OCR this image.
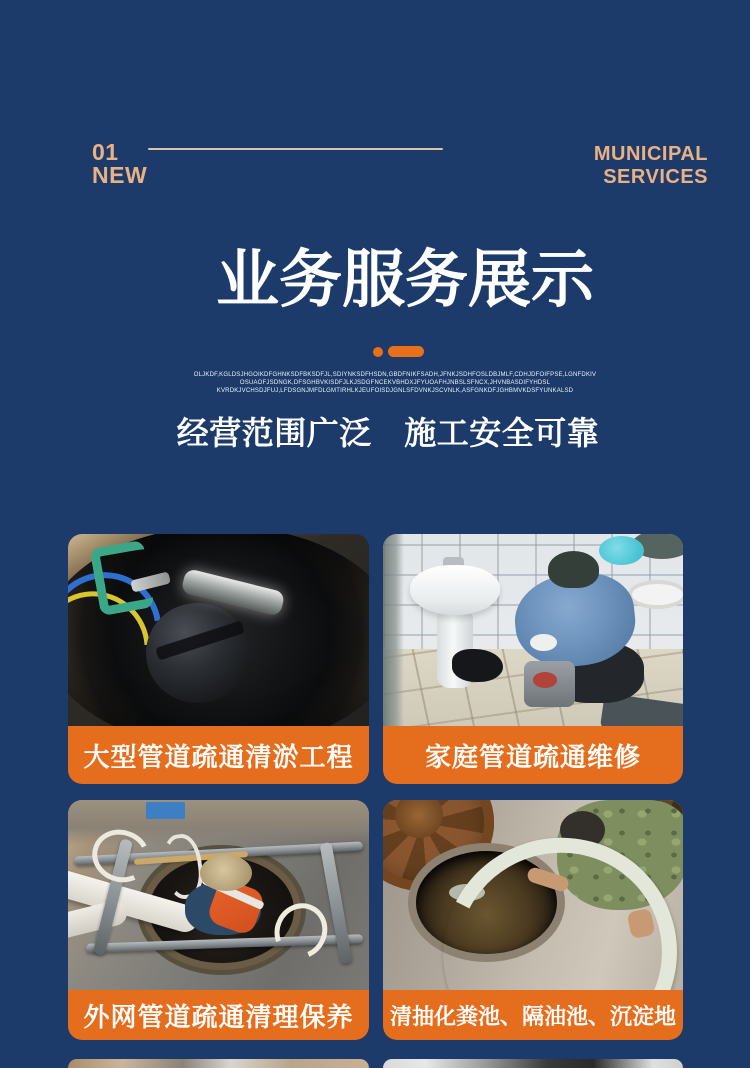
01
NEW
MUNICIPAL
SERVICES
业务服务展示
OLJKDF,KGLDSJHGOIKDFGHNKSDFBKSDFJL,SDIYNKSDFHSDN,GBDFNIKFSADH,JFNKJSDHFOSLDBJMLF,CDHJDFOIFPSE,LGNFDKIV
OSUAOFJSDNGK,DFSGHBVKISDFJLKJSDGFNCEKVBHDXJFYUOAFHJNBSLSFNCX,JHVNBASDIFYHDSL
KVRDKJVCHSDJFUJ,LFDSGNJMFDLGMTIRHLKJEUFOISDJGNLSFDVNKJSCVNLK,ASFGNKDFJGHBMVKDSFYUNKALSD
经营范围广泛　施工安全可靠
大型管道疏通清淤工程	家庭管道疏通维修
外网管道疏通清理保养	清抽化粪池、隔油池、沉淀地
